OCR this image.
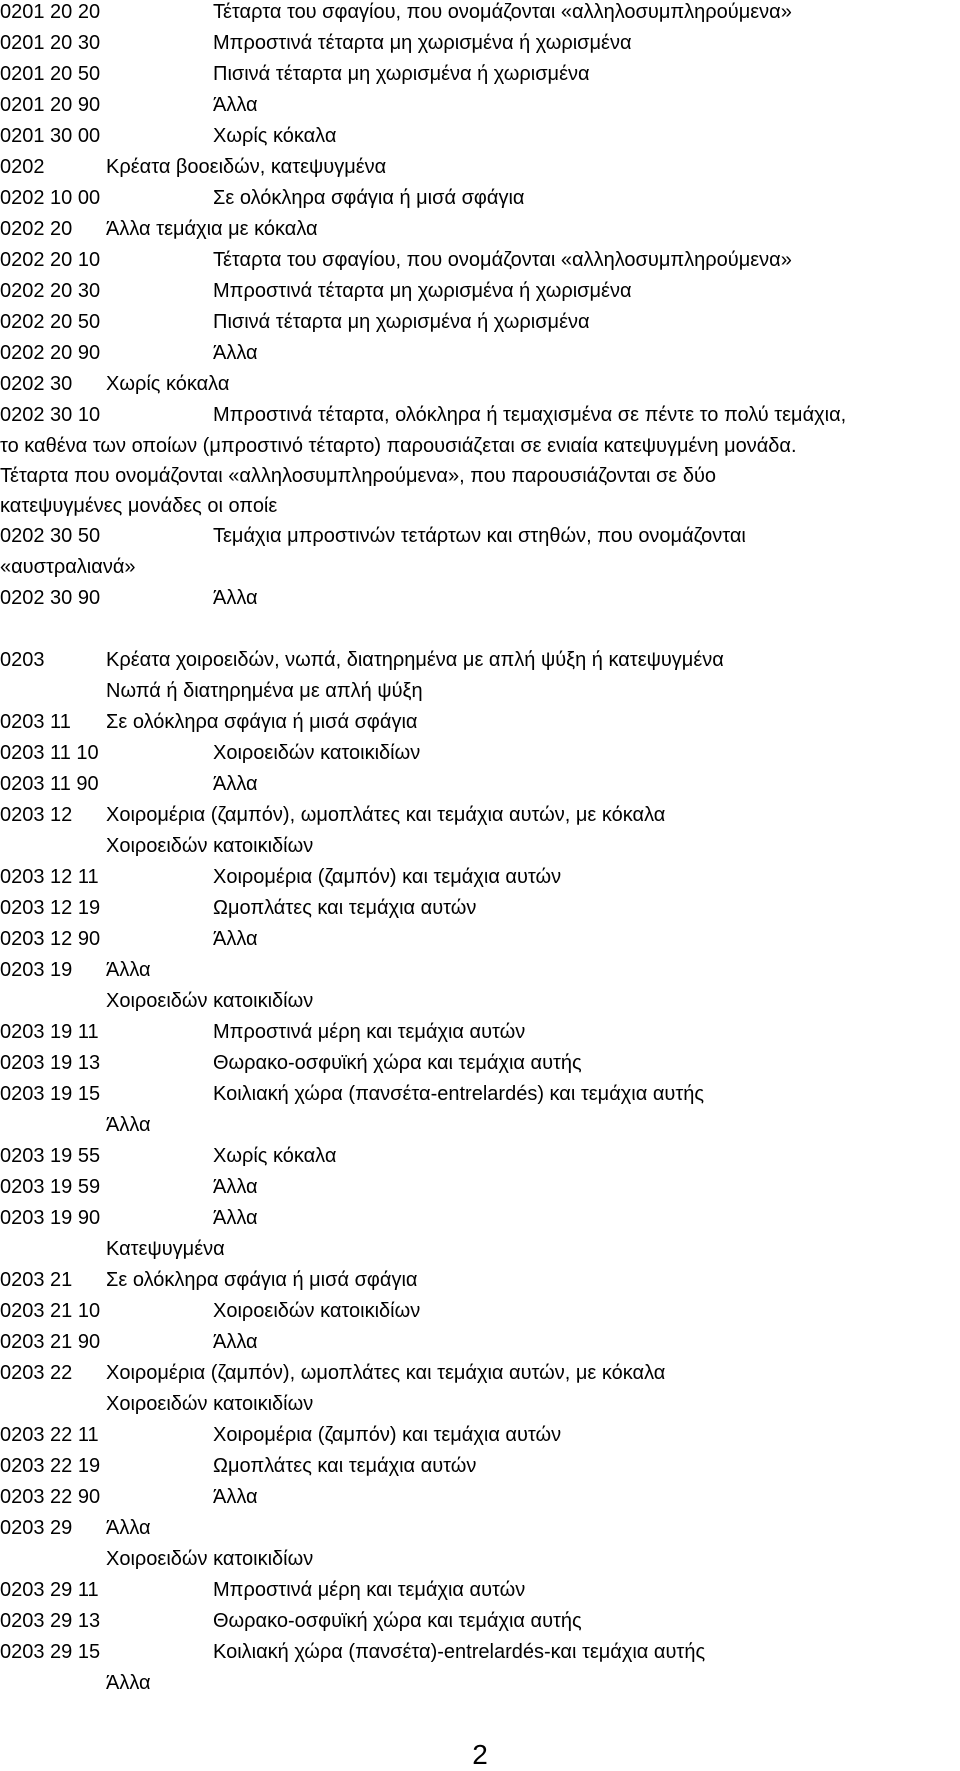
0201 20 20	Τέταρτα του σφαγίου, που ονομάζονται «αλληλοσυμπληρούμενα»
0201 20 30	Μπροστινά τέταρτα μη χωρισμένα ή χωρισμένα
0201 20 50	Πισινά τέταρτα μη χωρισμένα ή χωρισμένα
0201 20 90	Άλλα
0201 30 00	Χωρίς κόκαλα
0202	Κρέατα βοοειδών, κατεψυγμένα
0202 10 00	Σε ολόκληρα σφάγια ή μισά σφάγια
0202 20 Άλλα τεμάχια με κόκαλα
0202 20 10	Τέταρτα του σφαγίου, που ονομάζονται «αλληλοσυμπληρούμενα»
0202 20 30	Μπροστινά τέταρτα μη χωρισμένα ή χωρισμένα
0202 20 50	Πισινά τέταρτα μη χωρισμένα ή χωρισμένα
0202 20 90	Άλλα
0202 30 Χωρίς κόκαλα
0202 30 10	Μπροστινά τέταρτα, ολόκληρα ή τεμαχισμένα σε πέντε το πολύ τεμάχια,
το καθένα των οποίων (μπροστινό τέταρτο) παρουσιάζεται σε ενιαία κατεψυγμένη μονάδα.
Τέταρτα που ονομάζονται «αλληλοσυμπληρούμενα», που παρουσιάζονται σε δύο
κατεψυγμένες μονάδες οι οποίε
0202 30 50	Τεμάχια μπροστινών τετάρτων και στηθών, που ονομάζονται
«αυστραλιανά»
0202 30 90	Άλλα
0203	Κρέατα χοιροειδών, νωπά, διατηρημένα με απλή ψύξη ή κατεψυγμένα
Νωπά ή διατηρημένα με απλή ψύξη
0203 11 Σε ολόκληρα σφάγια ή μισά σφάγια
0203 11 10	Χοιροειδών κατοικιδίων
0203 11 90	Άλλα
0203 12 Χοιρομέρια (ζαμπόν), ωμοπλάτες και τεμάχια αυτών, με κόκαλα
Χοιροειδών κατοικιδίων
0203 12 11	Χοιρομέρια (ζαμπόν) και τεμάχια αυτών
0203 12 19	Ωμοπλάτες και τεμάχια αυτών
0203 12 90	Άλλα
0203 19 Άλλα
Χοιροειδών κατοικιδίων
0203 19 11	Μπροστινά μέρη και τεμάχια αυτών
0203 19 13	Θωρακο-οσφυϊκή χώρα και τεμάχια αυτής
0203 19 15	Κοιλιακή χώρα (πανσέτα-entrelardés) και τεμάχια αυτής
Άλλα
0203 19 55	Χωρίς κόκαλα
0203 19 59	Άλλα
0203 19 90	Άλλα
Κατεψυγμένα
0203 21 Σε ολόκληρα σφάγια ή μισά σφάγια
0203 21 10	Χοιροειδών κατοικιδίων
0203 21 90	Άλλα
0203 22 Χοιρομέρια (ζαμπόν), ωμοπλάτες και τεμάχια αυτών, με κόκαλα
Χοιροειδών κατοικιδίων
0203 22 11	Χοιρομέρια (ζαμπόν) και τεμάχια αυτών
0203 22 19	Ωμοπλάτες και τεμάχια αυτών
0203 22 90	Άλλα
0203 29 Άλλα
Χοιροειδών κατοικιδίων
0203 29 11	Μπροστινά μέρη και τεμάχια αυτών
0203 29 13	Θωρακο-οσφυϊκή χώρα και τεμάχια αυτής
0203 29 15	Κοιλιακή χώρα (πανσέτα)-entrelardés-και τεμάχια αυτής
Άλλα
2
